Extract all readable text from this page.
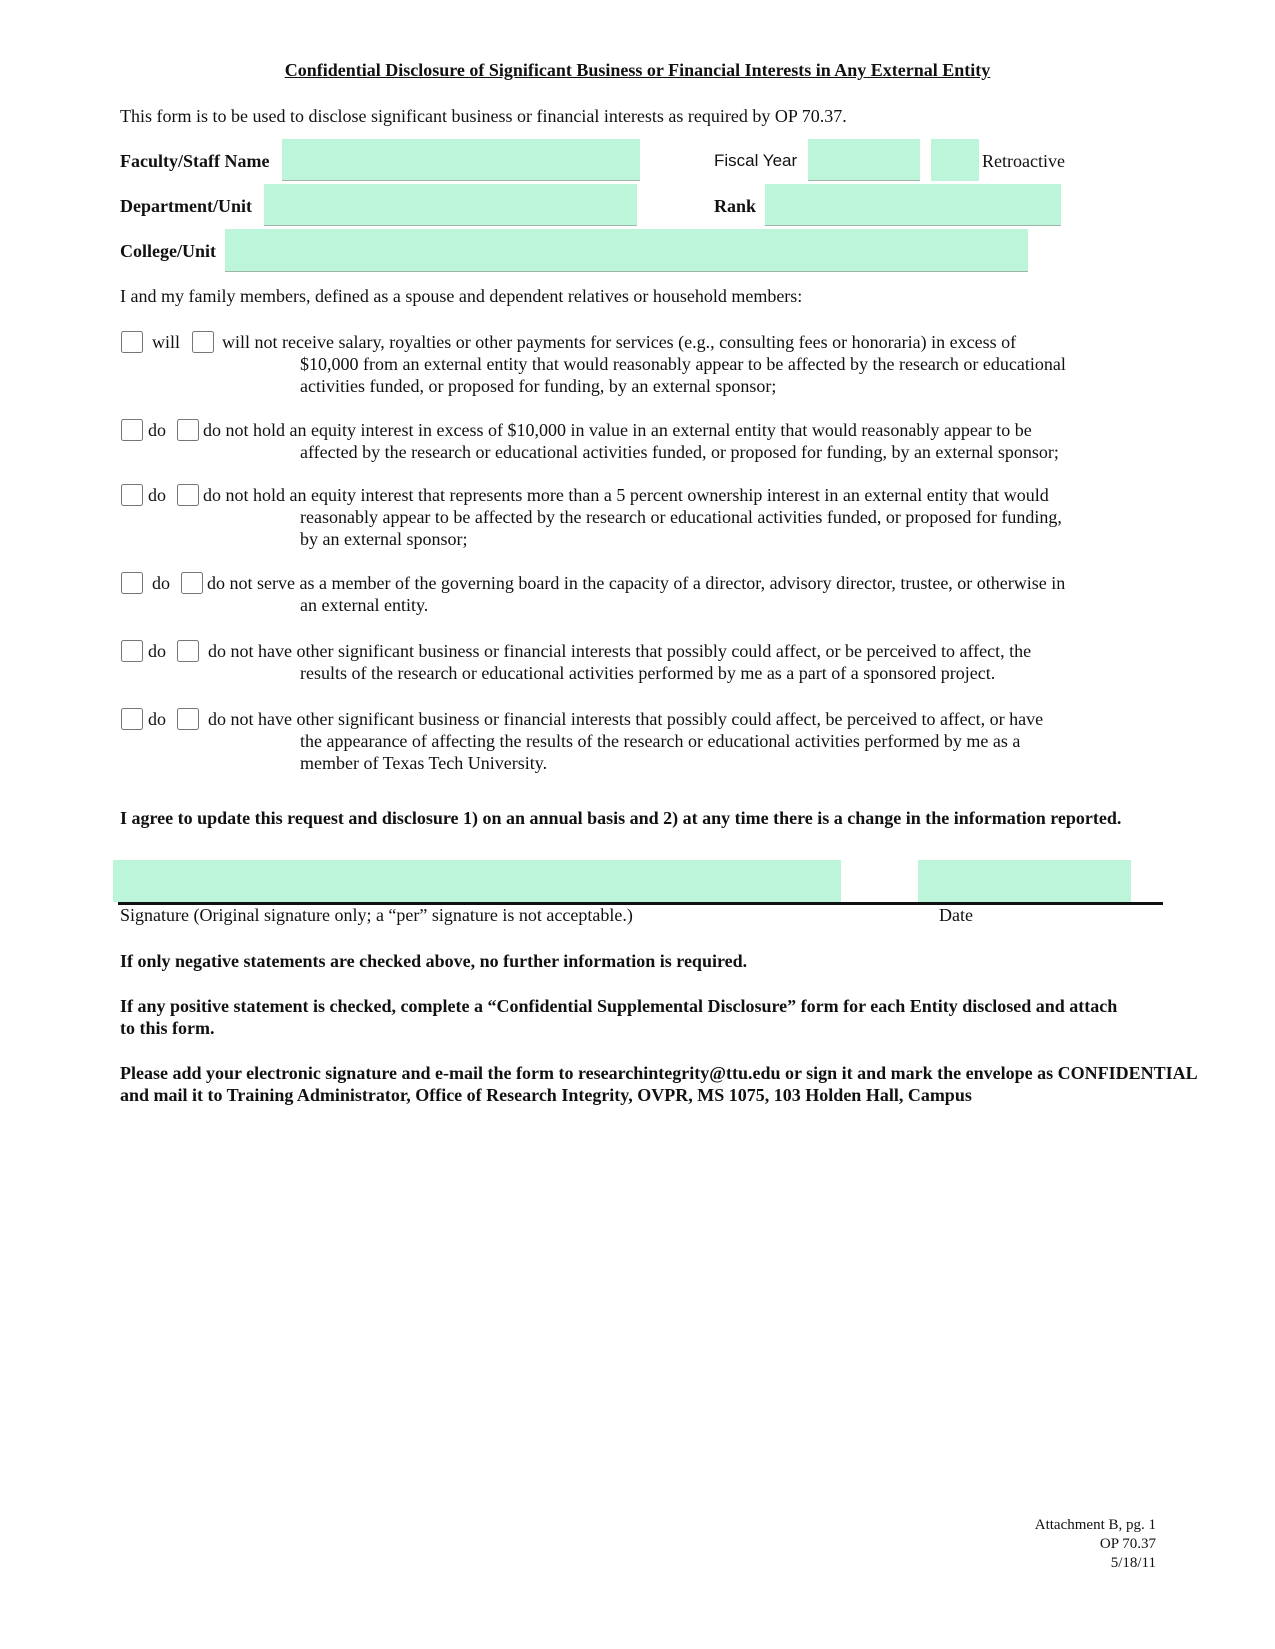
Confidential Disclosure of Significant Business or Financial Interests in Any External Entity
This form is to be used to disclose significant business or financial interests as required by OP 70.37.
Faculty/Staff Name	Fiscal Year	Retroactive
Department/Unit	Rank
College/Unit
I and my family members, defined as a spouse and dependent relatives or household members:
will will not receive salary, royalties or other payments for services (e.g., consulting fees or honoraria) in excess of
$10,000 from an external entity that would reasonably appear to be affected by the research or educational
activities funded, or proposed for funding, by an external sponsor;
do do not hold an equity interest in excess of $10,000 in value in an external entity that would reasonably appear to be
affected by the research or educational activities funded, or proposed for funding, by an external sponsor;
do do not hold an equity interest that represents more than a 5 percent ownership interest in an external entity that would
reasonably appear to be affected by the research or educational activities funded, or proposed for funding,
by an external sponsor;
do do not serve as a member of the governing board in the capacity of a director, advisory director, trustee, or otherwise in
an external entity.
do do not have other significant business or financial interests that possibly could affect, or be perceived to affect, the
results of the research or educational activities performed by me as a part of a sponsored project.
do do not have other significant business or financial interests that possibly could affect, be perceived to affect, or have
the appearance of affecting the results of the research or educational activities performed by me as a
member of Texas Tech University.
I agree to update this request and disclosure 1) on an annual basis and 2) at any time there is a change in the information reported.
Signature (Original signature only; a “per” signature is not acceptable.)	Date
If only negative statements are checked above, no further information is required.
If any positive statement is checked, complete a “Confidential Supplemental Disclosure” form for each Entity disclosed and attach to this form.
Please add your electronic signature and e-mail the form to researchintegrity@ttu.edu or sign it and mark the envelope as CONFIDENTIAL and mail it to Training Administrator, Office of Research Integrity, OVPR, MS 1075, 103 Holden Hall, Campus
Attachment B, pg. 1
OP 70.37
5/18/11
